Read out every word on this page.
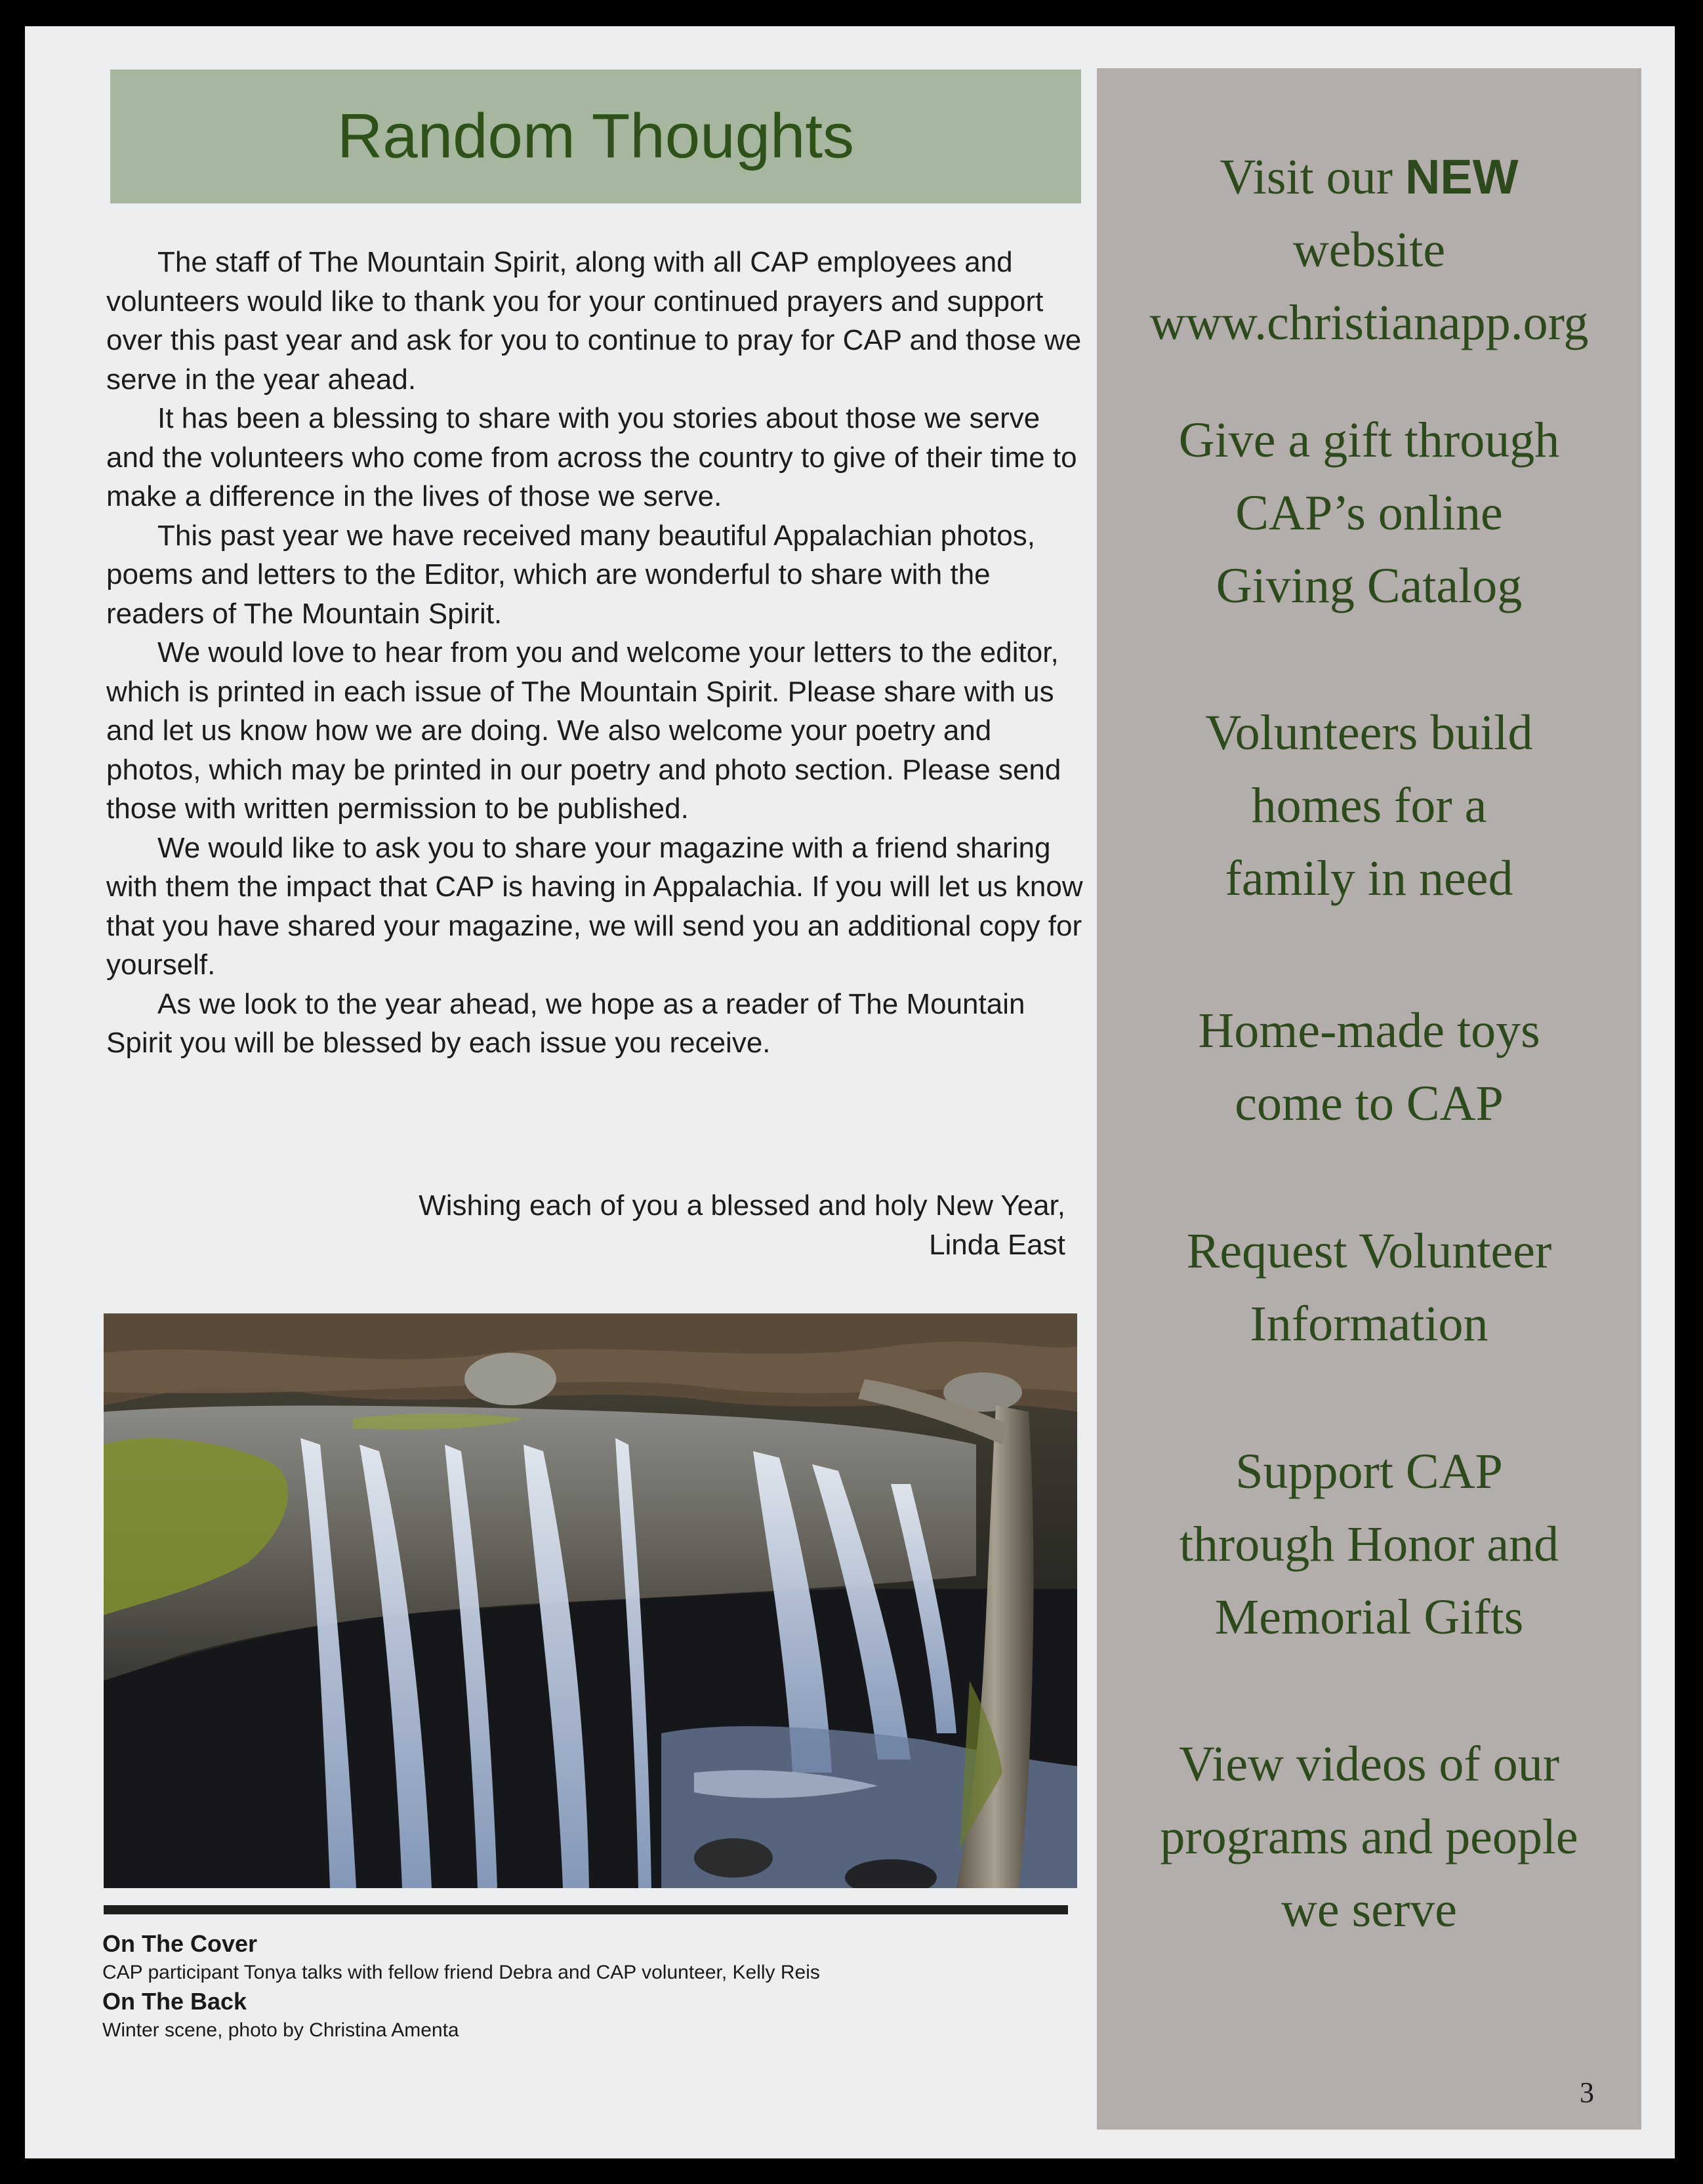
Random Thoughts

The staff of The Mountain Spirit, along with all CAP employees and volunteers would like to thank you for your continued prayers and support over this past year and ask for you to continue to pray for CAP and those we serve in the year ahead.

It has been a blessing to share with you stories about those we serve and the volunteers who come from across the country to give of their time to make a difference in the lives of those we serve.

This past year we have received many beautiful Appalachian photos, poems and letters to the Editor, which are wonderful to share with the readers of The Mountain Spirit.

We would love to hear from you and welcome your letters to the editor, which is printed in each issue of The Mountain Spirit. Please share with us and let us know how we are doing. We also welcome your poetry and photos, which may be printed in our poetry and photo section. Please send those with written permission to be published.

We would like to ask you to share your magazine with a friend sharing with them the impact that CAP is having in Appalachia. If you will let us know that you have shared your magazine, we will send you an additional copy for yourself.

As we look to the year ahead, we hope as a reader of The Mountain Spirit you will be blessed by each issue you receive.

Wishing each of you a blessed and holy New Year,
Linda East
On The Cover
CAP participant Tonya talks with fellow friend Debra and CAP volunteer, Kelly Reis
On The Back
Winter scene, photo by Christina Amenta
Visit our NEW
website
www.christianapp.org
Give a gift through
CAP’s online
Giving Catalog
Volunteers build
homes for a
family in need
Home-made toys
come to CAP
Request Volunteer
Information
Support CAP
through Honor and
Memorial Gifts
View videos of our
programs and people
we serve
3
